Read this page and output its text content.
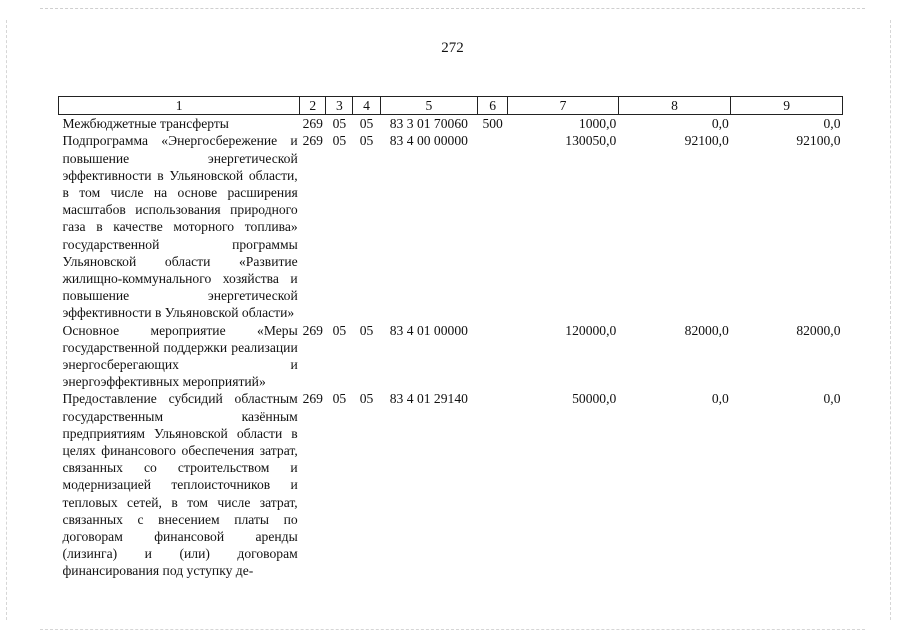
272
1	2	3	4	5	6	7	8	9
Межбюджетные трансферты	269	05	05	83 3 01 70060	500	1000,0	0,0	0,0
Подпрограмма «Энергосбережение и повышение энергетической эффективности в Ульяновской области, в том числе на основе расширения масштабов использования природного газа в качестве моторного топлива» государственной программы Ульяновской области «Развитие жилищно-коммунального хозяйства и повышение энергетической эффективности в Ульяновской области»	269	05	05	83 4 00 00000		130050,0	92100,0	92100,0
Основное мероприятие «Меры государственной поддержки реализации энергосберегающих и энергоэффективных мероприятий»	269	05	05	83 4 01 00000		120000,0	82000,0	82000,0
Предоставление субсидий областным государственным казённым предприятиям Ульяновской области в целях финансового обеспечения затрат, связанных со строительством и модернизацией теплоисточников и тепловых сетей, в том числе затрат, связанных с внесением платы по договорам финансовой аренды (лизинга) и (или) договорам финансирования под уступку де-	269	05	05	83 4 01 29140		50000,0	0,0	0,0
